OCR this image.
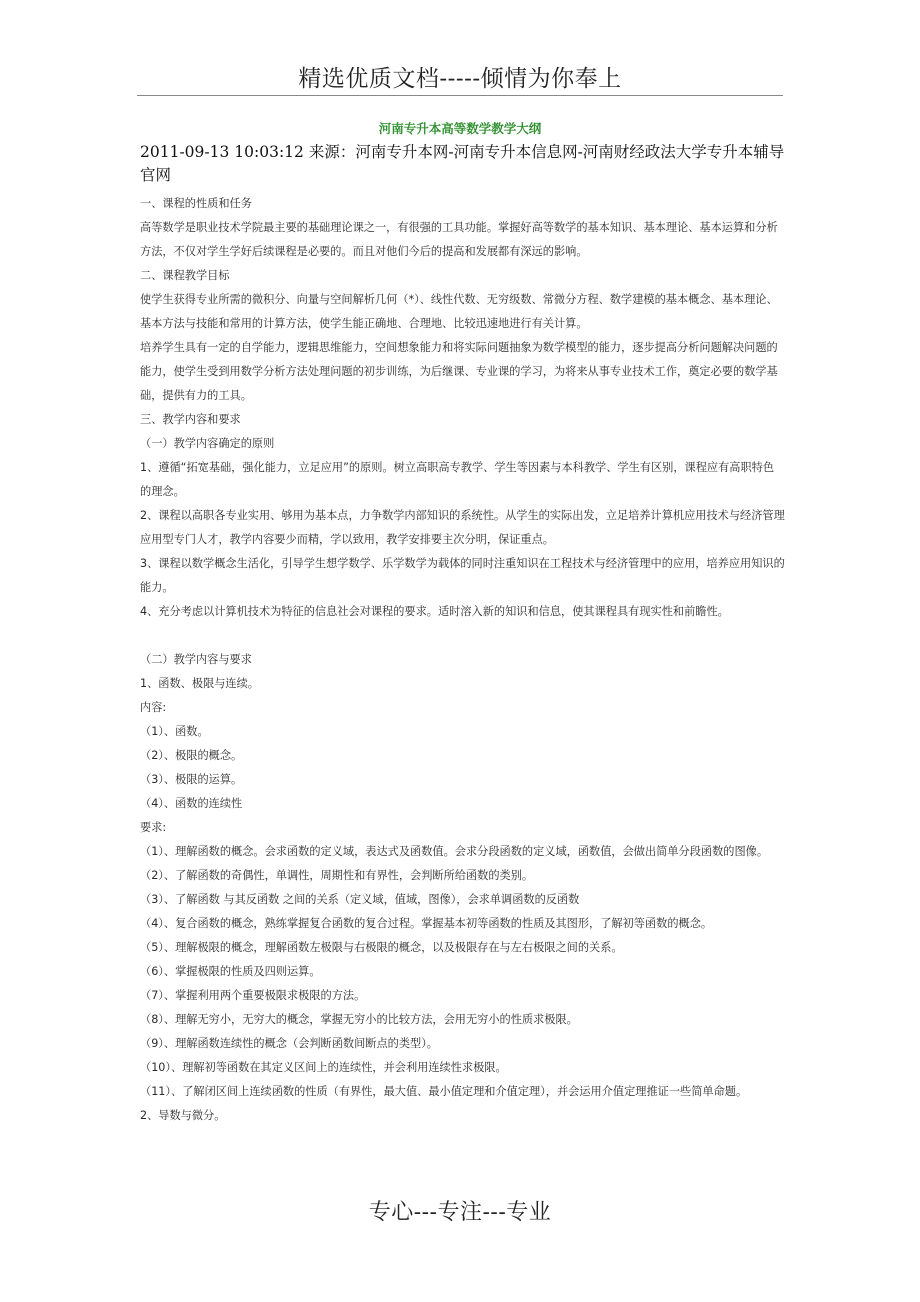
精选优质文档-----倾情为你奉上
河南专升本高等数学教学大纲
2011-09-13 10:03:12 来源：河南专升本网-河南专升本信息网-河南财经政法大学专升本辅导官网
一、课程的性质和任务
高等数学是职业技术学院最主要的基础理论课之一，有很强的工具功能。掌握好高等数学的基本知识、基本理论、基本运算和分析方法，不仅对学生学好后续课程是必要的。而且对他们今后的提高和发展都有深远的影响。
二、课程教学目标
使学生获得专业所需的微积分、向量与空间解析几何（*）、线性代数、无穷级数、常微分方程、数学建模的基本概念、基本理论、基本方法与技能和常用的计算方法，使学生能正确地、合理地、比较迅速地进行有关计算。
培养学生具有一定的自学能力，逻辑思维能力，空间想象能力和将实际问题抽象为数学模型的能力，逐步提高分析问题解决问题的能力，使学生受到用数学分析方法处理问题的初步训练，为后继课、专业课的学习，为将来从事专业技术工作，奠定必要的数学基础，提供有力的工具。
三、教学内容和要求
（一）教学内容确定的原则
1、遵循“拓宽基础，强化能力，立足应用”的原则。树立高职高专教学、学生等因素与本科教学、学生有区别，课程应有高职特色的理念。
2、课程以高职各专业实用、够用为基本点，力争数学内部知识的系统性。从学生的实际出发，立足培养计算机应用技术与经济管理应用型专门人才，教学内容要少而精，学以致用，教学安排要主次分明，保证重点。
3、课程以数学概念生活化，引导学生想学数学、乐学数学为载体的同时注重知识在工程技术与经济管理中的应用，培养应用知识的能力。
4、充分考虑以计算机技术为特征的信息社会对课程的要求。适时溶入新的知识和信息，使其课程具有现实性和前瞻性。
（二）教学内容与要求
1、函数、极限与连续。
内容:
（1）、函数。
（2）、极限的概念。
（3）、极限的运算。
（4）、函数的连续性
要求:
（1）、理解函数的概念。会求函数的定义域，表达式及函数值。会求分段函数的定义域，函数值，会做出简单分段函数的图像。
（2）、了解函数的奇偶性，单调性，周期性和有界性，会判断所给函数的类别。
（3）、了解函数 与其反函数 之间的关系（定义域，值域，图像），会求单调函数的反函数
（4）、复合函数的概念，熟练掌握复合函数的复合过程。掌握基本初等函数的性质及其图形，了解初等函数的概念。
（5）、理解极限的概念，理解函数左极限与右极限的概念，以及极限存在与左右极限之间的关系。
（6）、掌握极限的性质及四则运算。
（7）、掌握利用两个重要极限求极限的方法。
（8）、理解无穷小，无穷大的概念，掌握无穷小的比较方法，会用无穷小的性质求极限。
（9）、理解函数连续性的概念（会判断函数间断点的类型）。
（10）、理解初等函数在其定义区间上的连续性，并会利用连续性求极限。
（11）、了解闭区间上连续函数的性质（有界性，最大值、最小值定理和介值定理），并会运用介值定理推证一些简单命题。
2、导数与微分。
专心---专注---专业
